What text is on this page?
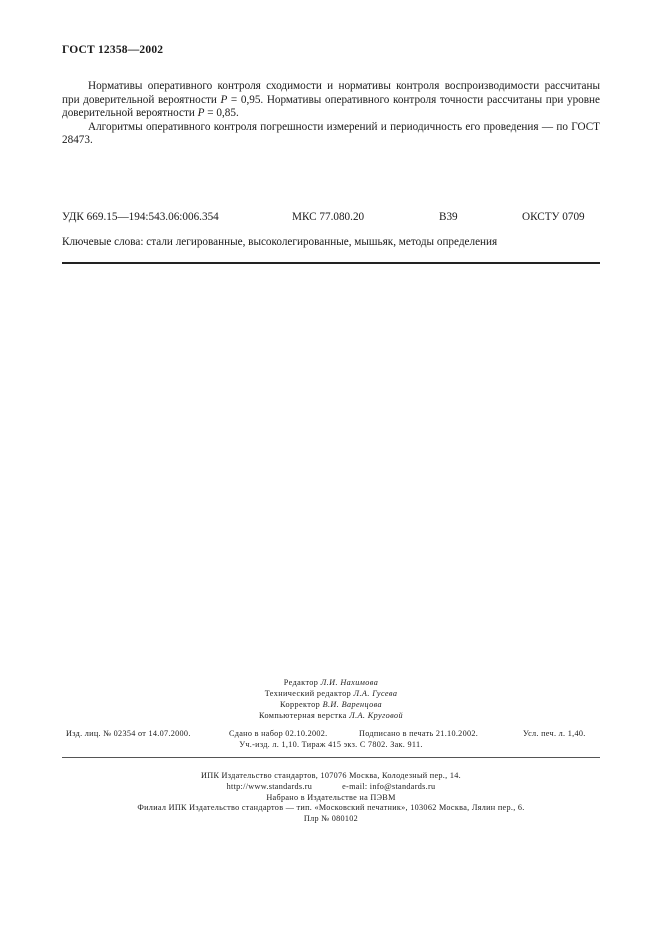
ГОСТ 12358—2002

Нормативы оперативного контроля сходимости и нормативы контроля воспроизводимости рассчитаны при доверительной вероятности P = 0,95. Нормативы оперативного контроля точности рассчитаны при уровне доверительной вероятности P = 0,85.

Алгоритмы оперативного контроля погрешности измерений и периодичность его проведения — по ГОСТ 28473.

УДК 669.15—194:543.06:006.354	МКС 77.080.20	В39	ОКСТУ 0709
Ключевые слова: стали легированные, высоколегированные, мышьяк, методы определения
Редактор Л.И. Нахимова
Технический редактор Л.А. Гусева
Корректор В.И. Варенцова
Компьютерная верстка Л.А. Круговой
Изд. лиц. № 02354 от 14.07.2000.	Сдано в набор 02.10.2002.	Подписано в печать 21.10.2002.	Усл. печ. л. 1,40.
Уч.-изд. л. 1,10. Тираж 415 экз. С 7802. Зак. 911.
ИПК Издательство стандартов, 107076 Москва, Колодезный пер., 14.
http://www.standards.ru	e-mail: info@standards.ru
Набрано в Издательстве на ПЭВМ
Филиал ИПК Издательство стандартов — тип. «Московский печатник», 103062 Москва, Лялин пер., 6.
Плр № 080102
